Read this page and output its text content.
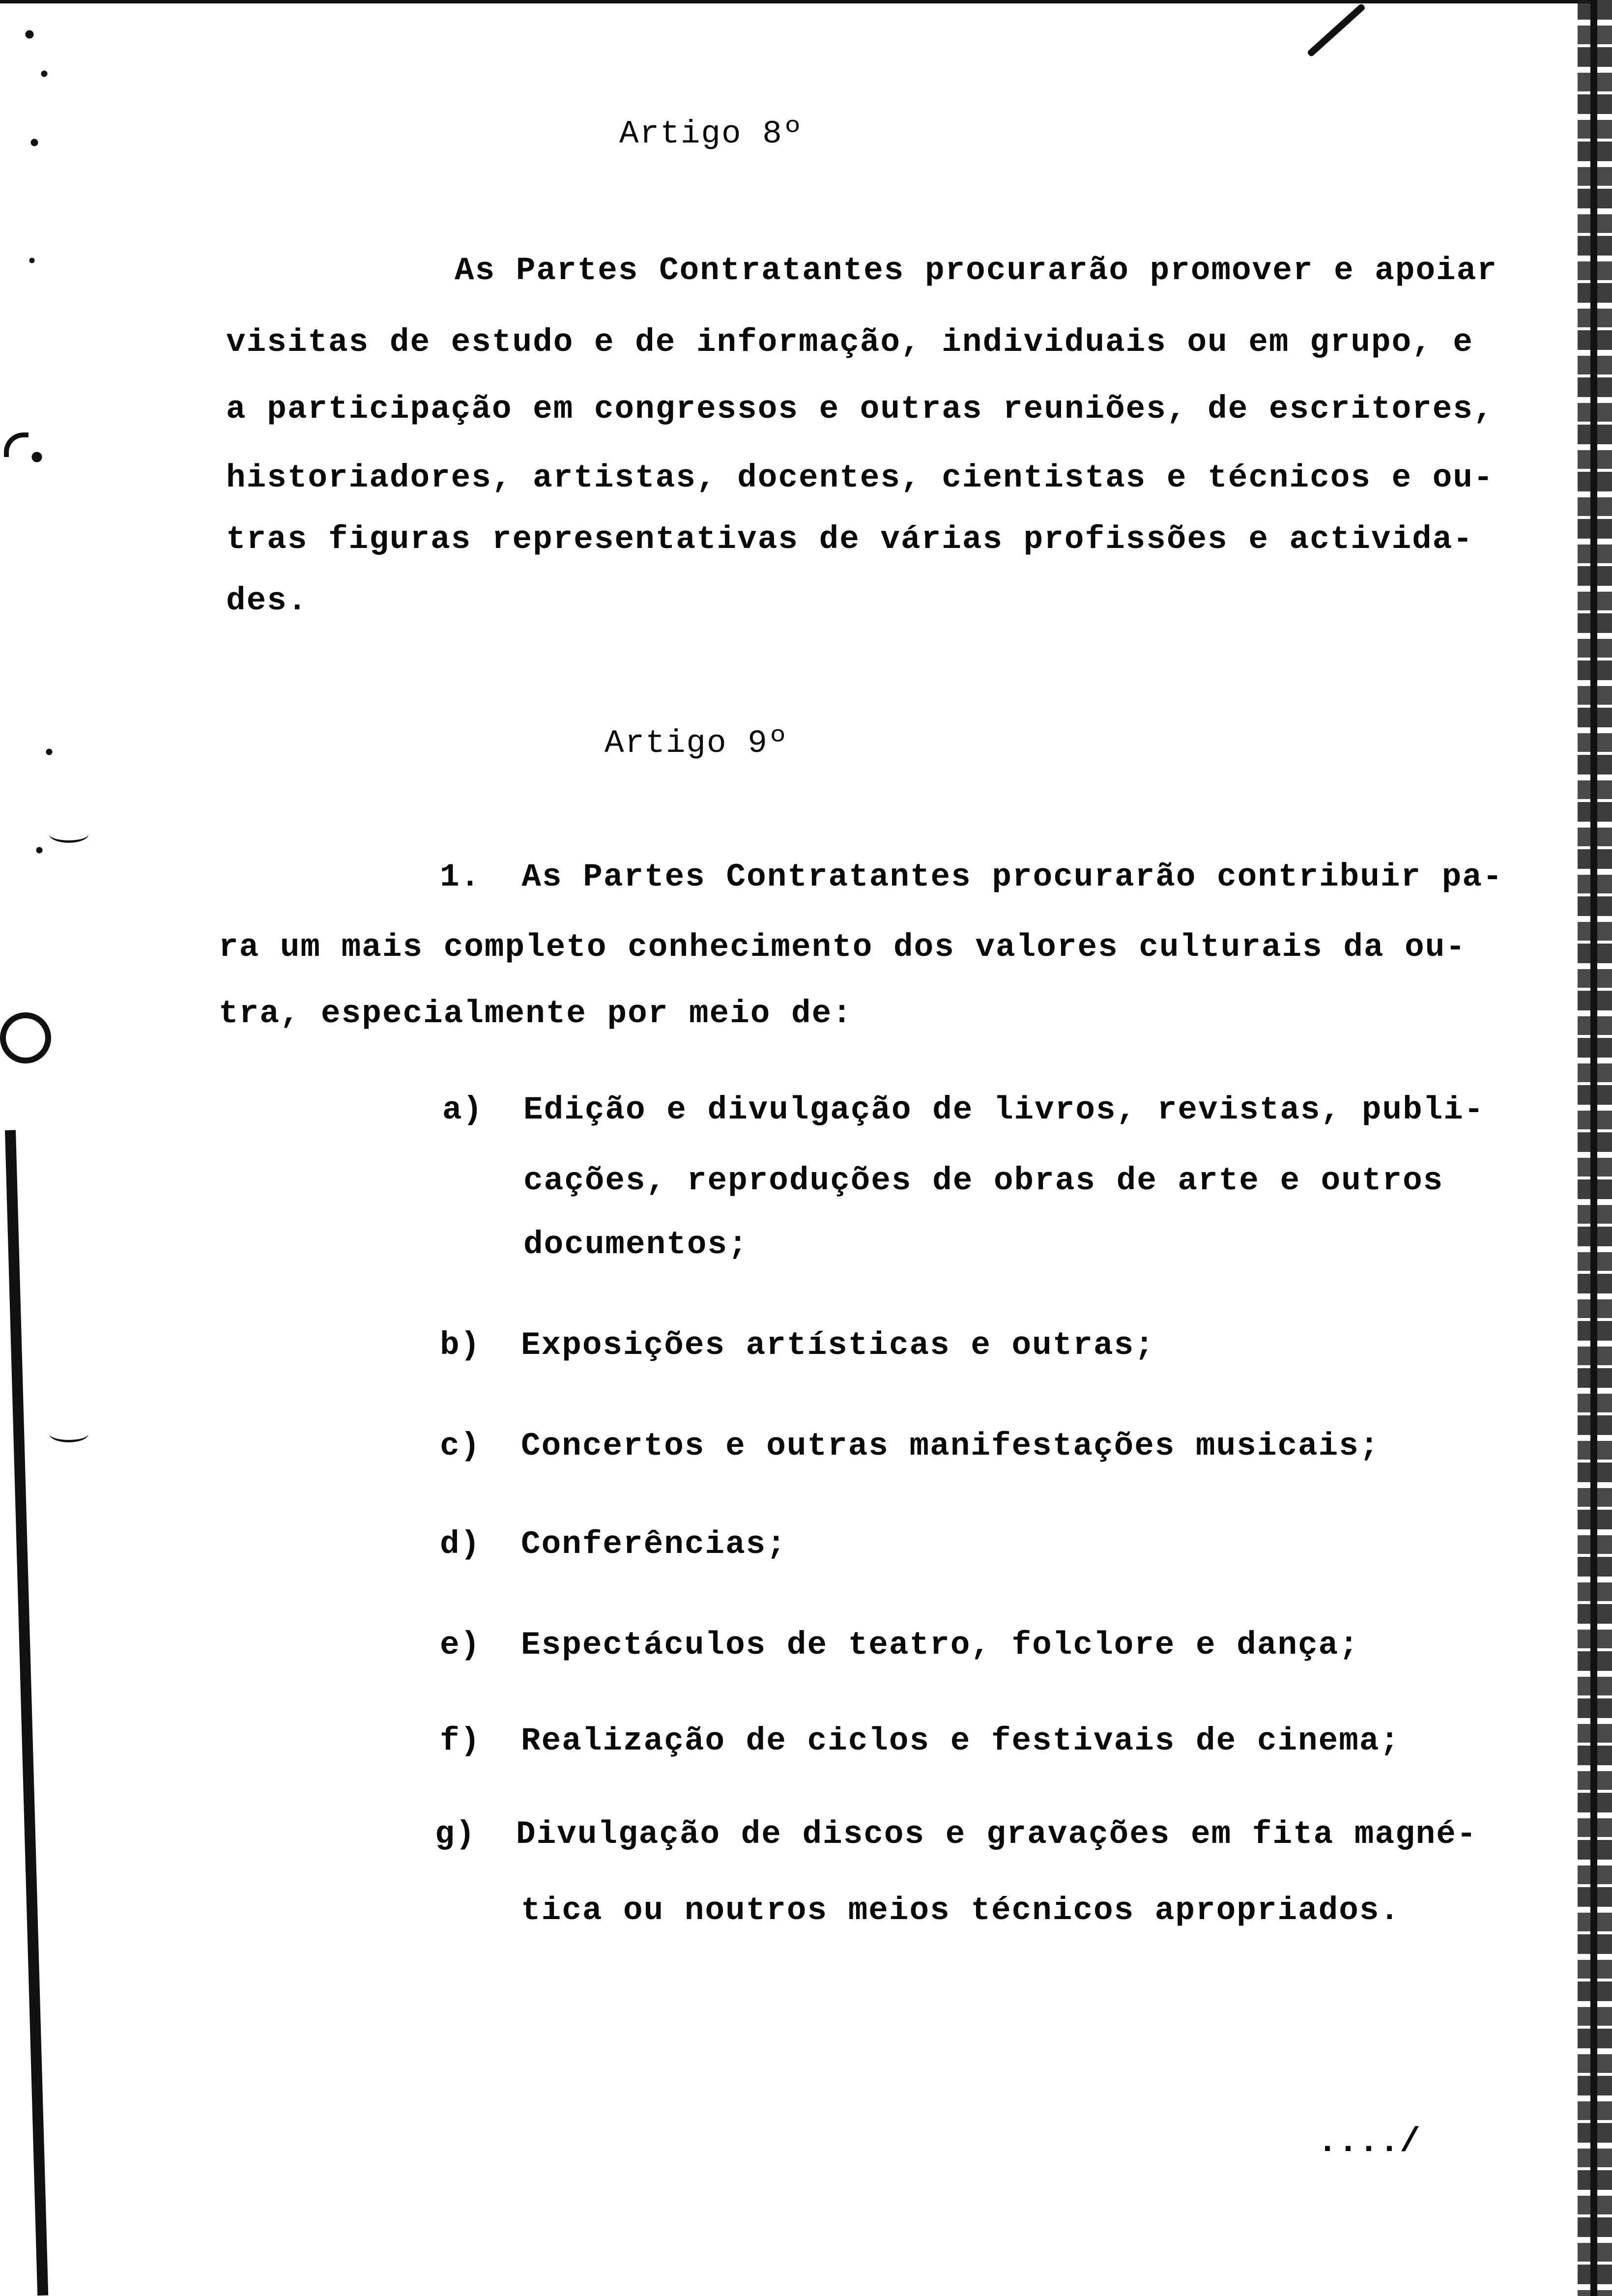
Artigo 8º
As Partes Contratantes procurarão promover e apoiar
visitas de estudo e de informação, individuais ou em grupo, e
a participação em congressos e outras reuniões, de escritores,
historiadores, artistas, docentes, cientistas e técnicos e ou-
tras figuras representativas de várias profissões e activida-
des.
Artigo 9º
1.  As Partes Contratantes procurarão contribuir pa-
ra um mais completo conhecimento dos valores culturais da ou-
tra, especialmente por meio de:
a) Edição e divulgação de livros, revistas, publi-
cações, reproduções de obras de arte e outros
documentos;
b) Exposições artísticas e outras;
c) Concertos e outras manifestações musicais;
d) Conferências;
e) Espectáculos de teatro, folclore e dança;
f) Realização de ciclos e festivais de cinema;
g) Divulgação de discos e gravações em fita magné-
tica ou noutros meios técnicos apropriados.
..../
